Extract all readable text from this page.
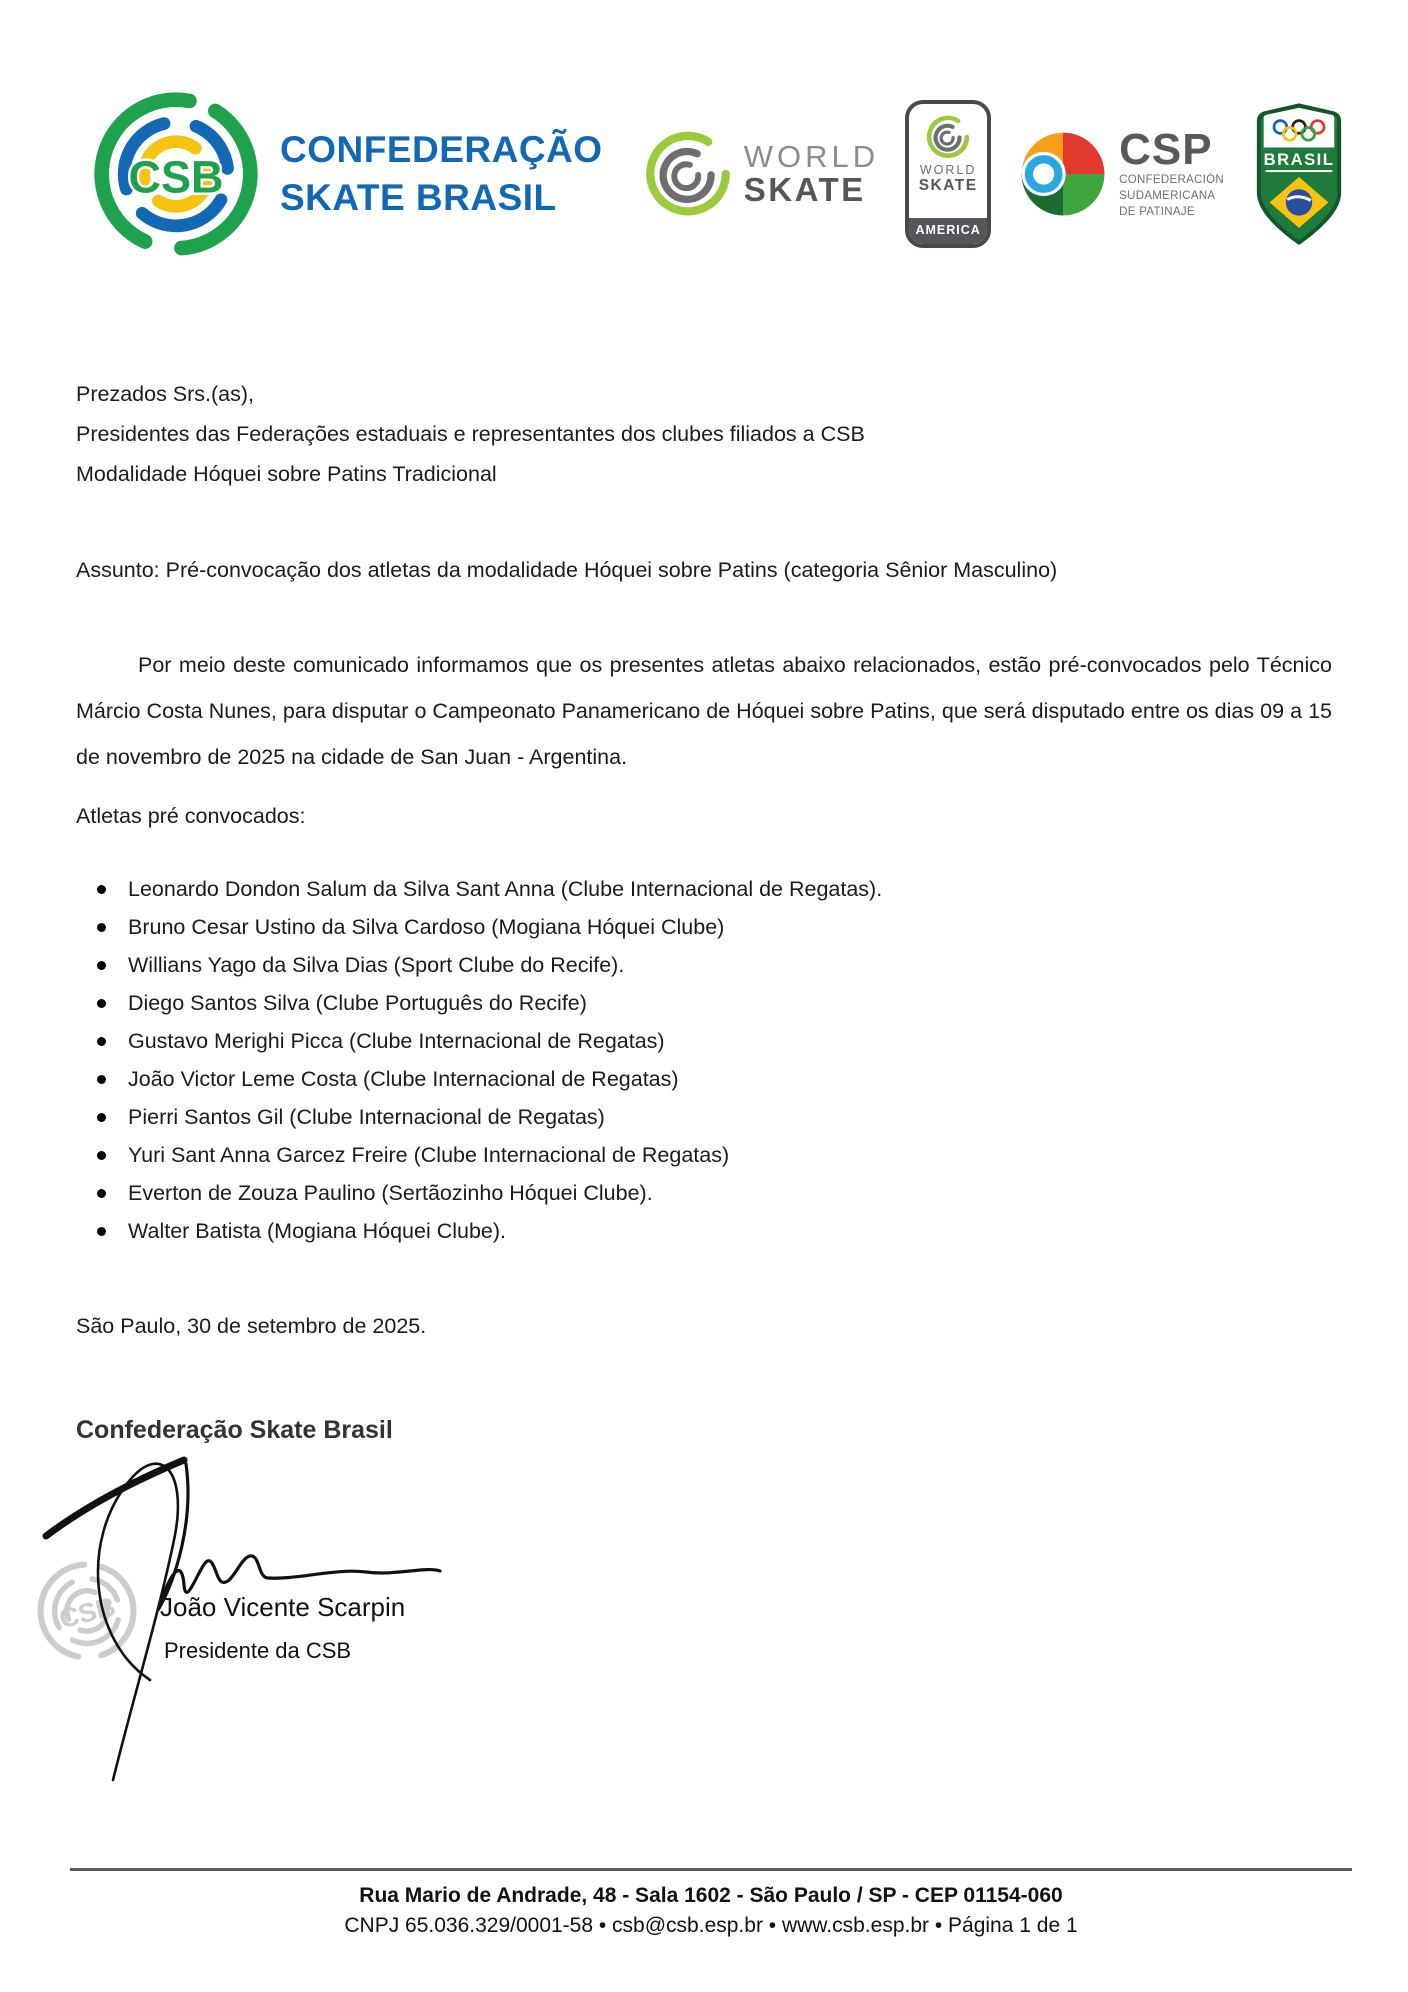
CSB
CONFEDERAÇÃO
SKATE BRASIL
WORLD
SKATE
WORLD
SKATE
AMERICA
CSP
CONFEDERACIÓN
SUDAMERICANA
DE PATINAJE
BRASIL
Prezados Srs.(as),
Presidentes das Federações estaduais e representantes dos clubes filiados a CSB
Modalidade Hóquei sobre Patins Tradicional
Assunto: Pré-convocação dos atletas da modalidade Hóquei sobre Patins (categoria Sênior Masculino)
Por meio deste comunicado informamos que os presentes atletas abaixo relacionados, estão pré-convocados pelo Técnico Márcio Costa Nunes, para disputar o Campeonato Panamericano de Hóquei sobre Patins, que será disputado entre os dias 09 a 15 de novembro de 2025 na cidade de San Juan - Argentina.
Atletas pré convocados:
Leonardo Dondon Salum da Silva Sant Anna (Clube Internacional de Regatas).
Bruno Cesar Ustino da Silva Cardoso (Mogiana Hóquei Clube)
Willians Yago da Silva Dias (Sport Clube do Recife).
Diego Santos Silva (Clube Português do Recife)
Gustavo Merighi Picca (Clube Internacional de Regatas)
João Victor Leme Costa (Clube Internacional de Regatas)
Pierri Santos Gil (Clube Internacional de Regatas)
Yuri Sant Anna Garcez Freire (Clube Internacional de Regatas)
Everton de Zouza Paulino (Sertãozinho Hóquei Clube).
Walter Batista (Mogiana Hóquei Clube).
São Paulo, 30 de setembro de 2025.
Confederação Skate Brasil
CSB João Vicente Scarpin
Presidente da CSB
Rua Mario de Andrade, 48 - Sala 1602 - São Paulo / SP - CEP 01154-060
CNPJ 65.036.329/0001-58 • csb@csb.esp.br • www.csb.esp.br • Página 1 de 1
